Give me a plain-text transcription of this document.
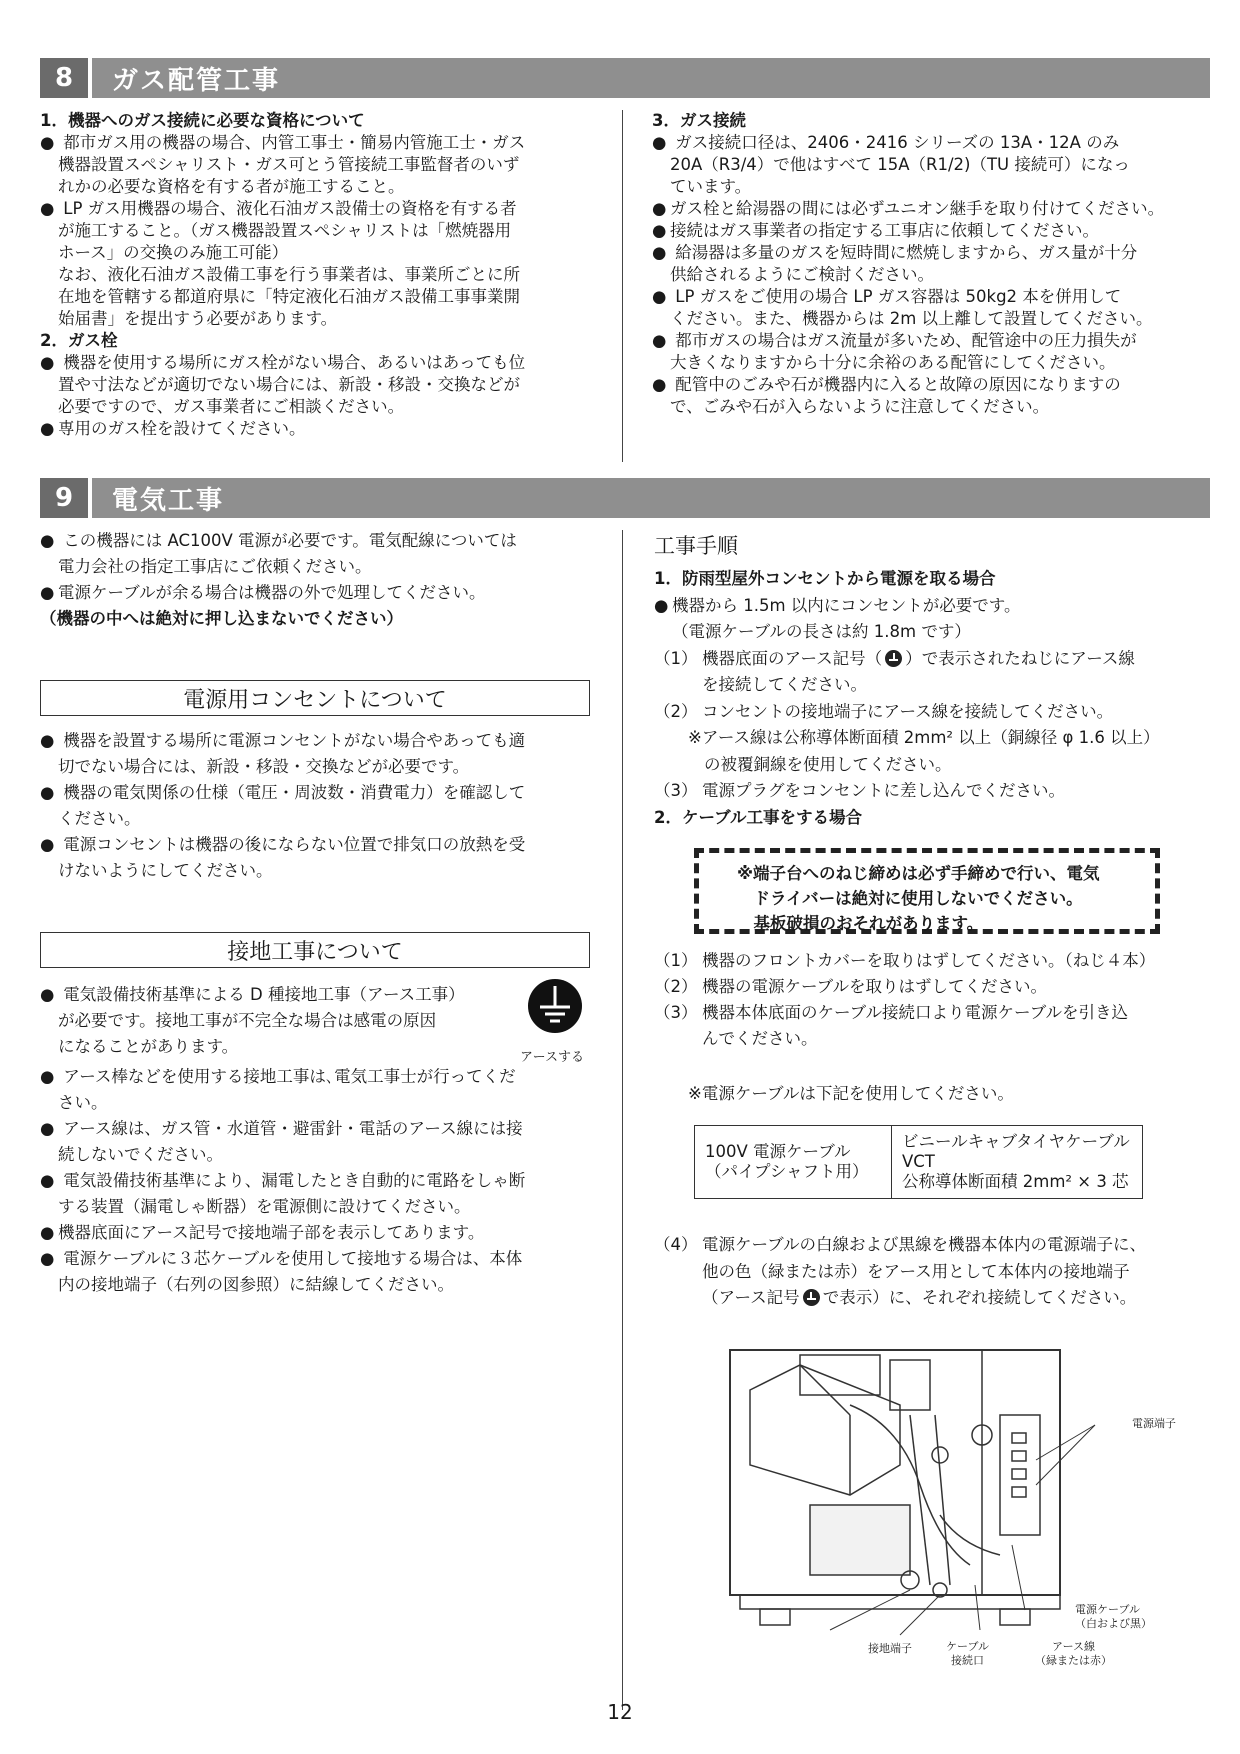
8	ガス配管工事

1．機器へのガス接続に必要な資格について

● 都市ガス用の機器の場合、内管工事士・簡易内管施工士・ガス
機器設置スペシャリスト・ガス可とう管接続工事監督者のいず
れかの必要な資格を有する者が施工すること。
● LP ガス用機器の場合、液化石油ガス設備士の資格を有する者
が施工すること。（ガス機器設置スペシャリストは「燃焼器用
ホース」の交換のみ施工可能）
なお、液化石油ガス設備工事を行う事業者は、事業所ごとに所
在地を管轄する都道府県に「特定液化石油ガス設備工事事業開
始届書」を提出すう必要があります。

2．ガス栓

● 機器を使用する場所にガス栓がない場合、あるいはあっても位
置や寸法などが適切でない場合には、新設・移設・交換などが
必要ですので、ガス事業者にご相談ください。
● 専用のガス栓を設けてください。

3．ガス接続

● ガス接続口径は、2406・2416 シリーズの 13A・12A のみ
20A（R3/4）で他はすべて 15A（R1/2)（TU 接続可）になっ
ています。
● ガス栓と給湯器の間には必ずユニオン継手を取り付けてください。
● 接続はガス事業者の指定する工事店に依頼してください。
● 給湯器は多量のガスを短時間に燃焼しますから、ガス量が十分
供給されるようにご検討ください。
● LP ガスをご使用の場合 LP ガス容器は 50kg2 本を併用して
ください。また、機器からは 2m 以上離して設置してください。
● 都市ガスの場合はガス流量が多いため、配管途中の圧力損失が
大きくなりますから十分に余裕のある配管にしてください。
● 配管中のごみや石が機器内に入ると故障の原因になりますの
で、ごみや石が入らないように注意してください。
9	電気工事
● この機器には AC100V 電源が必要です。電気配線については
電力会社の指定工事店にご依頼ください。
● 電源ケーブルが余る場合は機器の外で処理してください。

（機器の中へは絶対に押し込まないでください）

電源用コンセントについて
● 機器を設置する場所に電源コンセントがない場合やあっても適
切でない場合には、新設・移設・交換などが必要です。
● 機器の電気関係の仕様（電圧・周波数・消費電力）を確認して
ください。
● 電源コンセントは機器の後にならない位置で排気口の放熱を受
けないようにしてください。
接地工事について
● 電気設備技術基準による D 種接地工事（アース工事）
が必要です。接地工事が不完全な場合は感電の原因
になることがあります。
アースする
● アース棒などを使用する接地工事は､電気工事士が行ってくだ
さい。
● アース線は、ガス管・水道管・避雷針・電話のアース線には接
続しないでください。
● 電気設備技術基準により、漏電したとき自動的に電路をしゃ断
する装置（漏電しゃ断器）を電源側に設けてください。
● 機器底面にアース記号で接地端子部を表示してあります。
● 電源ケーブルに３芯ケーブルを使用して接地する場合は、本体
内の接地端子（右列の図参照）に結線してください。
工事手順

1．防雨型屋外コンセントから電源を取る場合

● 機器から 1.5m 以内にコンセントが必要です。

（電源ケーブルの長さは約 1.8m です）

（1） 機器底面のアース記号（ ）で表示されたねじにアース線
を接続してください。
（2） コンセントの接地端子にアース線を接続してください。

※アース線は公称導体断面積 2mm² 以上（銅線径 φ 1.6 以上）

の被覆銅線を使用してください。

（3） 電源プラグをコンセントに差し込んでください。

2．ケーブル工事をする場合

※端子台へのねじ締めは必ず手締めで行い、電気
　ドライバーは絶対に使用しないでください。
　基板破損のおそれがあります。
（1） 機器のフロントカバーを取りはずしてください。（ねじ４本）
（2） 機器の電源ケーブルを取りはずしてください。
（3） 機器本体底面のケーブル接続口より電源ケーブルを引き込
んでください。
※電源ケーブルは下記を使用してください。
100V 電源ケーブル
（パイプシャフト用）	ビニールキャブタイヤケーブル
VCT
公称導体断面積 2mm² × 3 芯
（4） 電源ケーブルの白線および黒線を機器本体内の電源端子に、
他の色（緑または赤）をアース用として本体内の接地端子
（アース記号 で表示）に、それぞれ接続してください。
電源端子
電源ケーブル
（白および黒）
接地端子	ケーブル
接続口
アース線
（緑または赤）
12
